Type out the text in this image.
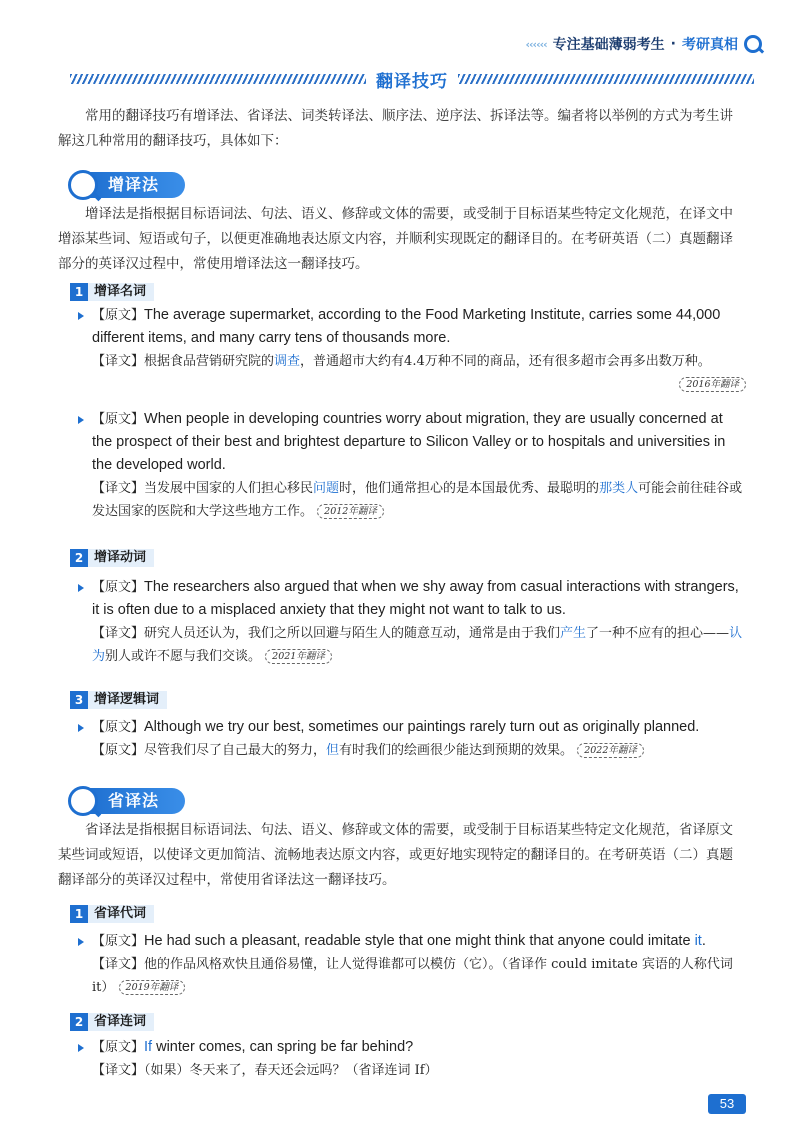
‹‹‹‹‹‹ 专注基础薄弱考生 · 考研真相
翻译技巧

常用的翻译技巧有增译法、省译法、词类转译法、顺序法、逆序法、拆译法等。编者将以举例的方式为考生讲解这几种常用的翻译技巧，具体如下：

增译法

增译法是指根据目标语词法、句法、语义、修辞或文体的需要，或受制于目标语某些特定文化规范，在译文中增添某些词、短语或句子，以便更准确地表达原文内容，并顺利实现既定的翻译目的。在考研英语（二）真题翻译部分的英译汉过程中，常使用增译法这一翻译技巧。

1 增译名词
【原文】The average supermarket, according to the Food Marketing Institute, carries some 44,000 different items, and many carry tens of thousands more.
【译文】根据食品营销研究院的调查，普通超市大约有4.4万种不同的商品，还有很多超市会再多出数万种。
2016年翻译
【原文】When people in developing countries worry about migration, they are usually concerned at the prospect of their best and brightest departure to Silicon Valley or to hospitals and universities in the developed world.
【译文】当发展中国家的人们担心移民问题时，他们通常担心的是本国最优秀、最聪明的那类人可能会前往硅谷或发达国家的医院和大学这些地方工作。 2012年翻译
2 增译动词
【原文】The researchers also argued that when we shy away from casual interactions with strangers, it is often due to a misplaced anxiety that they might not want to talk to us.
【译文】研究人员还认为，我们之所以回避与陌生人的随意互动，通常是由于我们产生了一种不应有的担心——认为别人或许不愿与我们交谈。 2021年翻译
3 增译逻辑词
【原文】Although we try our best, sometimes our paintings rarely turn out as originally planned.
【原文】尽管我们尽了自己最大的努力，但有时我们的绘画很少能达到预期的效果。 2022年翻译
省译法

省译法是指根据目标语词法、句法、语义、修辞或文体的需要，或受制于目标语某些特定文化规范，省译原文某些词或短语，以使译文更加简洁、流畅地表达原文内容，或更好地实现特定的翻译目的。在考研英语（二）真题翻译部分的英译汉过程中，常使用省译法这一翻译技巧。

1 省译代词
【原文】He had such a pleasant, readable style that one might think that anyone could imitate it.
【译文】他的作品风格欢快且通俗易懂，让人觉得谁都可以模仿（它）。（省译作 could imitate 宾语的人称代词 it） 2019年翻译
2 省译连词
【原文】If winter comes, can spring be far behind?
【译文】（如果）冬天来了，春天还会远吗？（省译连词 If）
53
